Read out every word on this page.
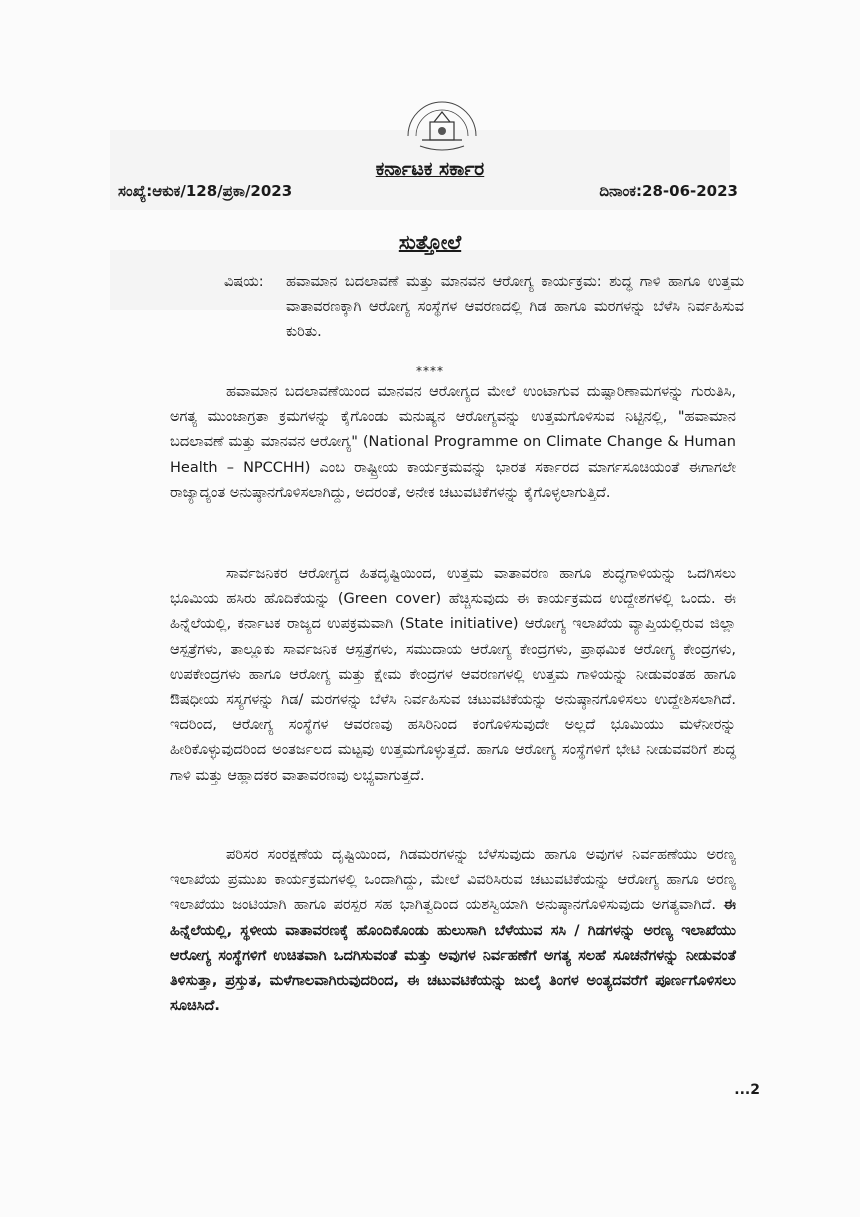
ಕರ್ನಾಟಕ ಸರ್ಕಾರ
ಸಂಖ್ಯೆ:ಆಕುಕ/128/ಪ್ರಕಾ/2023	ದಿನಾಂಕ:28-06-2023
ಸುತ್ತೋಲೆ
ವಿಷಯ: ಹವಾಮಾನ ಬದಲಾವಣೆ ಮತ್ತು ಮಾನವನ ಆರೋಗ್ಯ ಕಾರ್ಯಕ್ರಮ: ಶುದ್ಧ ಗಾಳಿ ಹಾಗೂ ಉತ್ತಮ ವಾತಾವರಣಕ್ಕಾಗಿ ಆರೋಗ್ಯ ಸಂಸ್ಥೆಗಳ ಆವರಣದಲ್ಲಿ ಗಿಡ ಹಾಗೂ ಮರಗಳನ್ನು ಬೆಳೆಸಿ ನಿರ್ವಹಿಸುವ ಕುರಿತು.
****
ಹವಾಮಾನ ಬದಲಾವಣೆಯಿಂದ ಮಾನವನ ಆರೋಗ್ಯದ ಮೇಲೆ ಉಂಟಾಗುವ ದುಷ್ಪಾರಿಣಾಮಗಳನ್ನು ಗುರುತಿಸಿ, ಅಗತ್ಯ ಮುಂಜಾಗ್ರತಾ ಕ್ರಮಗಳನ್ನು ಕೈಗೊಂಡು ಮನುಷ್ಯನ ಆರೋಗ್ಯವನ್ನು ಉತ್ತಮಗೊಳಿಸುವ ನಿಟ್ಟಿನಲ್ಲಿ, "ಹವಾಮಾನ ಬದಲಾವಣೆ ಮತ್ತು ಮಾನವನ ಆರೋಗ್ಯ" (National Programme on Climate Change & Human Health – NPCCHH) ಎಂಬ ರಾಷ್ಟ್ರೀಯ ಕಾರ್ಯಕ್ರಮವನ್ನು ಭಾರತ ಸರ್ಕಾರದ ಮಾರ್ಗಸೂಚಿಯಂತೆ ಈಗಾಗಲೇ ರಾಜ್ಯಾದ್ಯಂತ ಅನುಷ್ಠಾನಗೊಳಿಸಲಾಗಿದ್ದು, ಅದರಂತೆ, ಅನೇಕ ಚಟುವಟಿಕೆಗಳನ್ನು ಕೈಗೊಳ್ಳಲಾಗುತ್ತಿದೆ.
ಸಾರ್ವಜನಿಕರ ಆರೋಗ್ಯದ ಹಿತದೃಷ್ಟಿಯಿಂದ, ಉತ್ತಮ ವಾತಾವರಣ ಹಾಗೂ ಶುದ್ಧಗಾಳಿಯನ್ನು ಒದಗಿಸಲು ಭೂಮಿಯ ಹಸಿರು ಹೊದಿಕೆಯನ್ನು (Green cover) ಹೆಚ್ಚಿಸುವುದು ಈ ಕಾರ್ಯಕ್ರಮದ ಉದ್ದೇಶಗಳಲ್ಲಿ ಒಂದು. ಈ ಹಿನ್ನೆಲೆಯಲ್ಲಿ, ಕರ್ನಾಟಕ ರಾಜ್ಯದ ಉಪಕ್ರಮವಾಗಿ (State initiative) ಆರೋಗ್ಯ ಇಲಾಖೆಯ ವ್ಯಾಪ್ತಿಯಲ್ಲಿರುವ ಜಿಲ್ಲಾ ಆಸ್ಪತ್ರೆಗಳು, ತಾಲ್ಲೂಕು ಸಾರ್ವಜನಿಕ ಆಸ್ಪತ್ರೆಗಳು, ಸಮುದಾಯ ಆರೋಗ್ಯ ಕೇಂದ್ರಗಳು, ಪ್ರಾಥಮಿಕ ಆರೋಗ್ಯ ಕೇಂದ್ರಗಳು, ಉಪಕೇಂದ್ರಗಳು ಹಾಗೂ ಆರೋಗ್ಯ ಮತ್ತು ಕ್ಷೇಮ ಕೇಂದ್ರಗಳ ಆವರಣಗಳಲ್ಲಿ ಉತ್ತಮ ಗಾಳಿಯನ್ನು ನೀಡುವಂತಹ ಹಾಗೂ ಔಷಧೀಯ ಸಸ್ಯಗಳನ್ನು ಗಿಡ/ ಮರಗಳನ್ನು ಬೆಳೆಸಿ ನಿರ್ವಹಿಸುವ ಚಟುವಟಿಕೆಯನ್ನು ಅನುಷ್ಠಾನಗೊಳಿಸಲು ಉದ್ದೇಶಿಸಲಾಗಿದೆ. ಇದರಿಂದ, ಆರೋಗ್ಯ ಸಂಸ್ಥೆಗಳ ಆವರಣವು ಹಸಿರಿನಿಂದ ಕಂಗೊಳಿಸುವುದೇ ಅಲ್ಲದೆ ಭೂಮಿಯು ಮಳೆನೀರನ್ನು ಹೀರಿಕೊಳ್ಳುವುದರಿಂದ ಅಂತರ್ಜಲದ ಮಟ್ಟವು ಉತ್ತಮಗೊಳ್ಳುತ್ತದೆ. ಹಾಗೂ ಆರೋಗ್ಯ ಸಂಸ್ಥೆಗಳಿಗೆ ಭೇಟಿ ನೀಡುವವರಿಗೆ ಶುದ್ಧ ಗಾಳಿ ಮತ್ತು ಆಹ್ಲಾದಕರ ವಾತಾವರಣವು ಲಭ್ಯವಾಗುತ್ತದೆ.
ಪರಿಸರ ಸಂರಕ್ಷಣೆಯ ದೃಷ್ಟಿಯಿಂದ, ಗಿಡಮರಗಳನ್ನು ಬೆಳೆಸುವುದು ಹಾಗೂ ಅವುಗಳ ನಿರ್ವಹಣೆಯು ಅರಣ್ಯ ಇಲಾಖೆಯ ಪ್ರಮುಖ ಕಾರ್ಯಕ್ರಮಗಳಲ್ಲಿ ಒಂದಾಗಿದ್ದು, ಮೇಲೆ ವಿವರಿಸಿರುವ ಚಟುವಟಿಕೆಯನ್ನು ಆರೋಗ್ಯ ಹಾಗೂ ಅರಣ್ಯ ಇಲಾಖೆಯು ಜಂಟಿಯಾಗಿ ಹಾಗೂ ಪರಸ್ಪರ ಸಹ ಭಾಗಿತ್ವದಿಂದ ಯಶಸ್ವಿಯಾಗಿ ಅನುಷ್ಠಾನಗೊಳಿಸುವುದು ಅಗತ್ಯವಾಗಿದೆ. ಈ ಹಿನ್ನೆಲೆಯಲ್ಲಿ, ಸ್ಥಳೀಯ ವಾತಾವರಣಕ್ಕೆ ಹೊಂದಿಕೊಂಡು ಹುಲುಸಾಗಿ ಬೆಳೆಯುವ ಸಸಿ / ಗಿಡಗಳನ್ನು ಅರಣ್ಯ ಇಲಾಖೆಯು ಆರೋಗ್ಯ ಸಂಸ್ಥೆಗಳಿಗೆ ಉಚಿತವಾಗಿ ಒದಗಿಸುವಂತೆ ಮತ್ತು ಅವುಗಳ ನಿರ್ವಹಣೆಗೆ ಅಗತ್ಯ ಸಲಹೆ ಸೂಚನೆಗಳನ್ನು ನೀಡುವಂತೆ ತಿಳಿಸುತ್ತಾ, ಪ್ರಸ್ತುತ, ಮಳೆಗಾಲವಾಗಿರುವುದರಿಂದ, ಈ ಚಟುವಟಿಕೆಯನ್ನು ಜುಲೈ ತಿಂಗಳ ಅಂತ್ಯದವರೆಗೆ ಪೂರ್ಣಗೊಳಿಸಲು ಸೂಚಿಸಿದೆ.
...2
